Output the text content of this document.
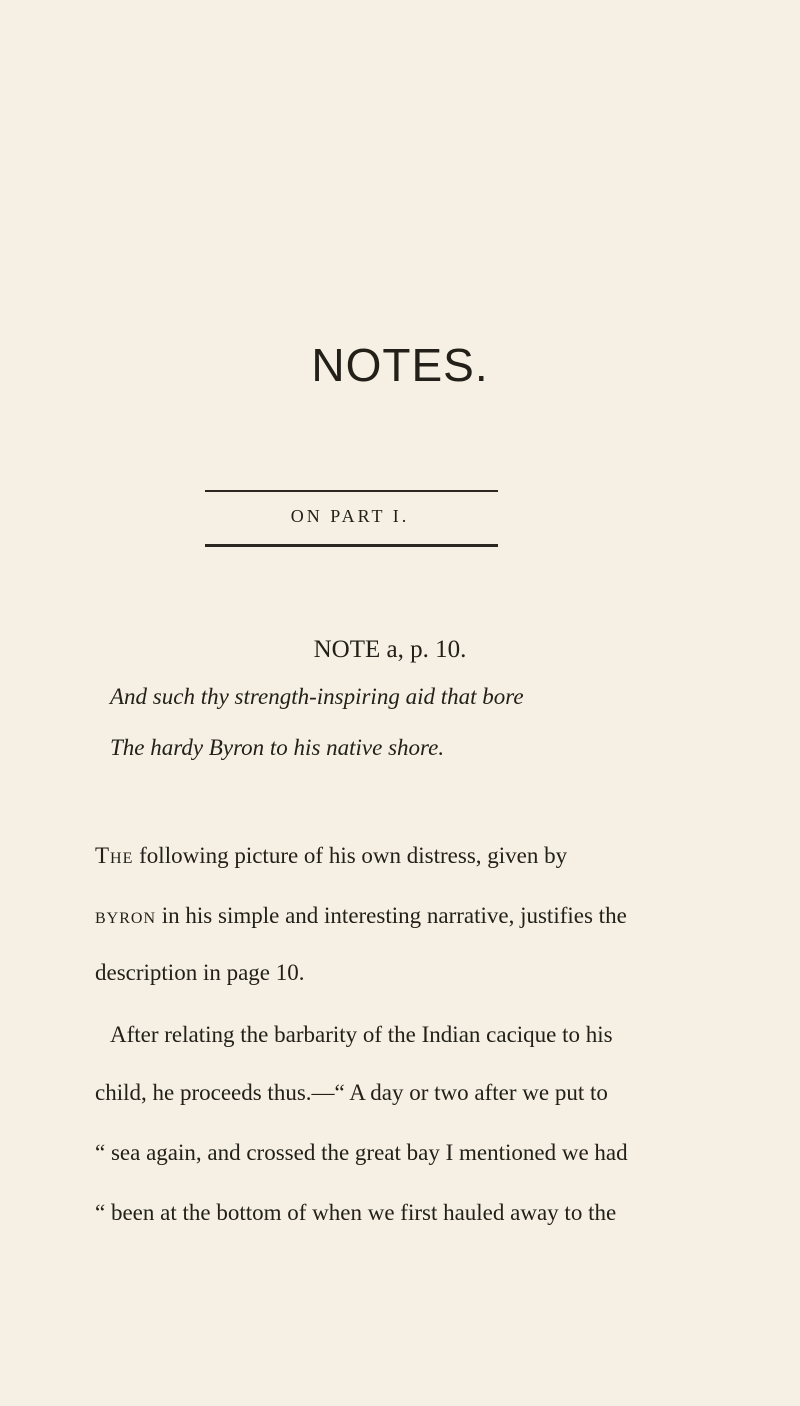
NOTES.
ON PART I.
NOTE a, p. 10.
And such thy strength-inspiring aid that bore
The hardy Byron to his native shore.
The following picture of his own distress, given by
byron in his simple and interesting narrative, justifies the
description in page 10.
After relating the barbarity of the Indian cacique to his
child, he proceeds thus.—“ A day or two after we put to
“ sea again, and crossed the great bay I mentioned we had
“ been at the bottom of when we first hauled away to the
